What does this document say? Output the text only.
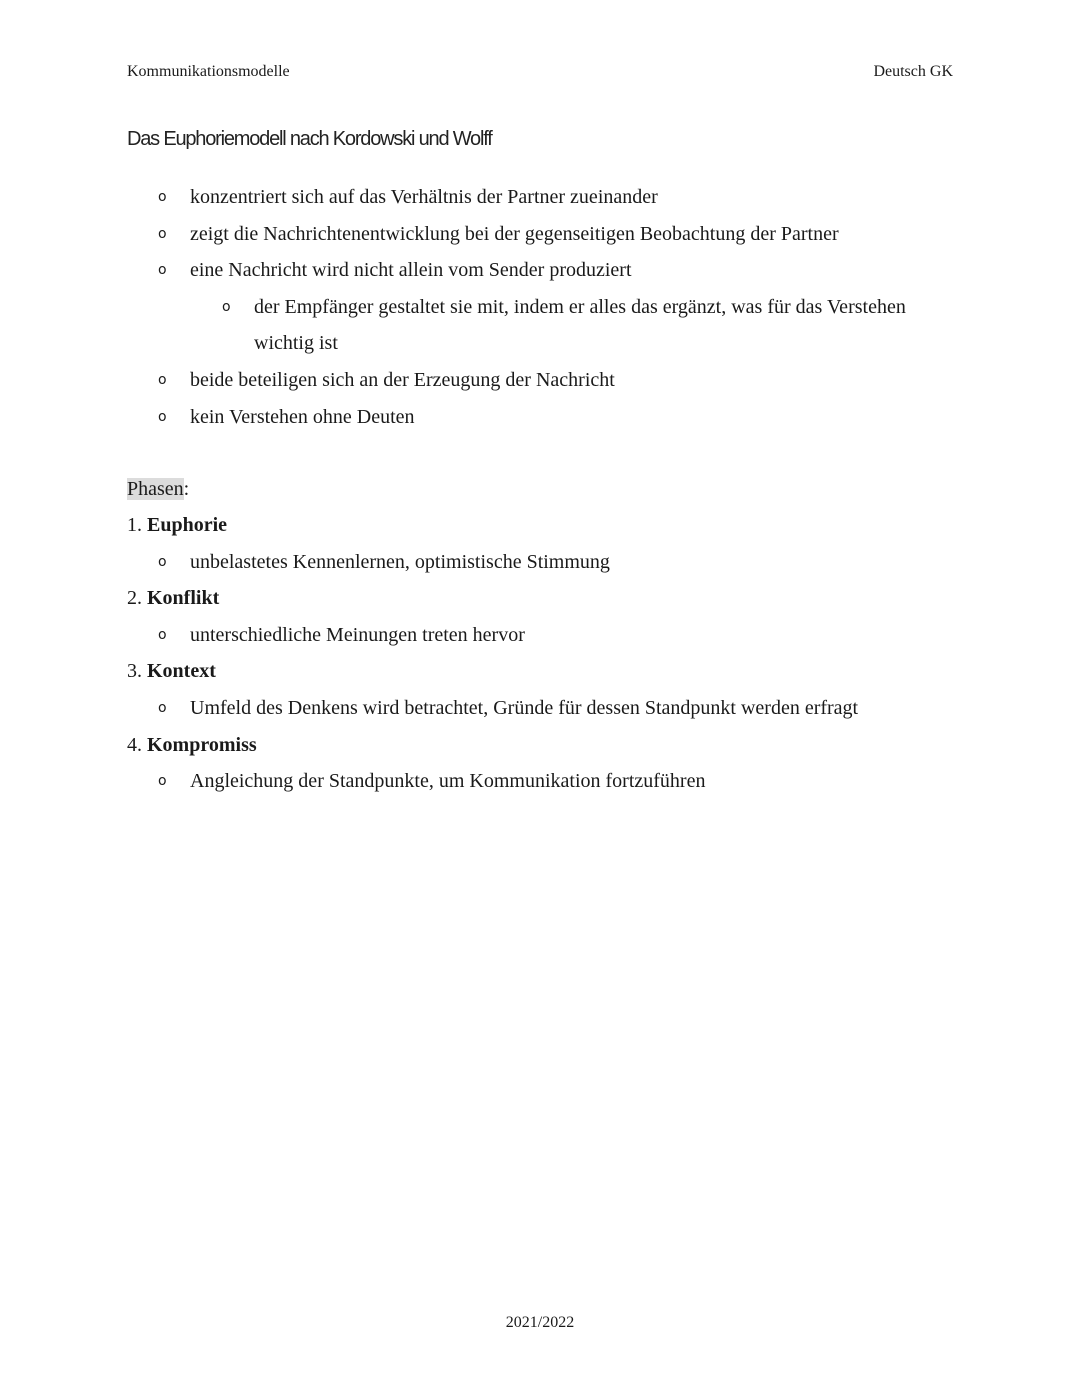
Kommunikationsmodelle	Deutsch GK
Das Euphoriemodell nach Kordowski und Wolff
o konzentriert sich auf das Verhältnis der Partner zueinander
o zeigt die Nachrichtenentwicklung bei der gegenseitigen Beobachtung der Partner
o eine Nachricht wird nicht allein vom Sender produziert
o der Empfänger gestaltet sie mit, indem er alles das ergänzt, was für das Verstehen wichtig ist
o beide beteiligen sich an der Erzeugung der Nachricht
o kein Verstehen ohne Deuten
Phasen:
1. Euphorie
o unbelastetes Kennenlernen, optimistische Stimmung
2. Konflikt
o unterschiedliche Meinungen treten hervor
3. Kontext
o Umfeld des Denkens wird betrachtet, Gründe für dessen Standpunkt werden erfragt
4. Kompromiss
o Angleichung der Standpunkte, um Kommunikation fortzuführen
2021/2022
